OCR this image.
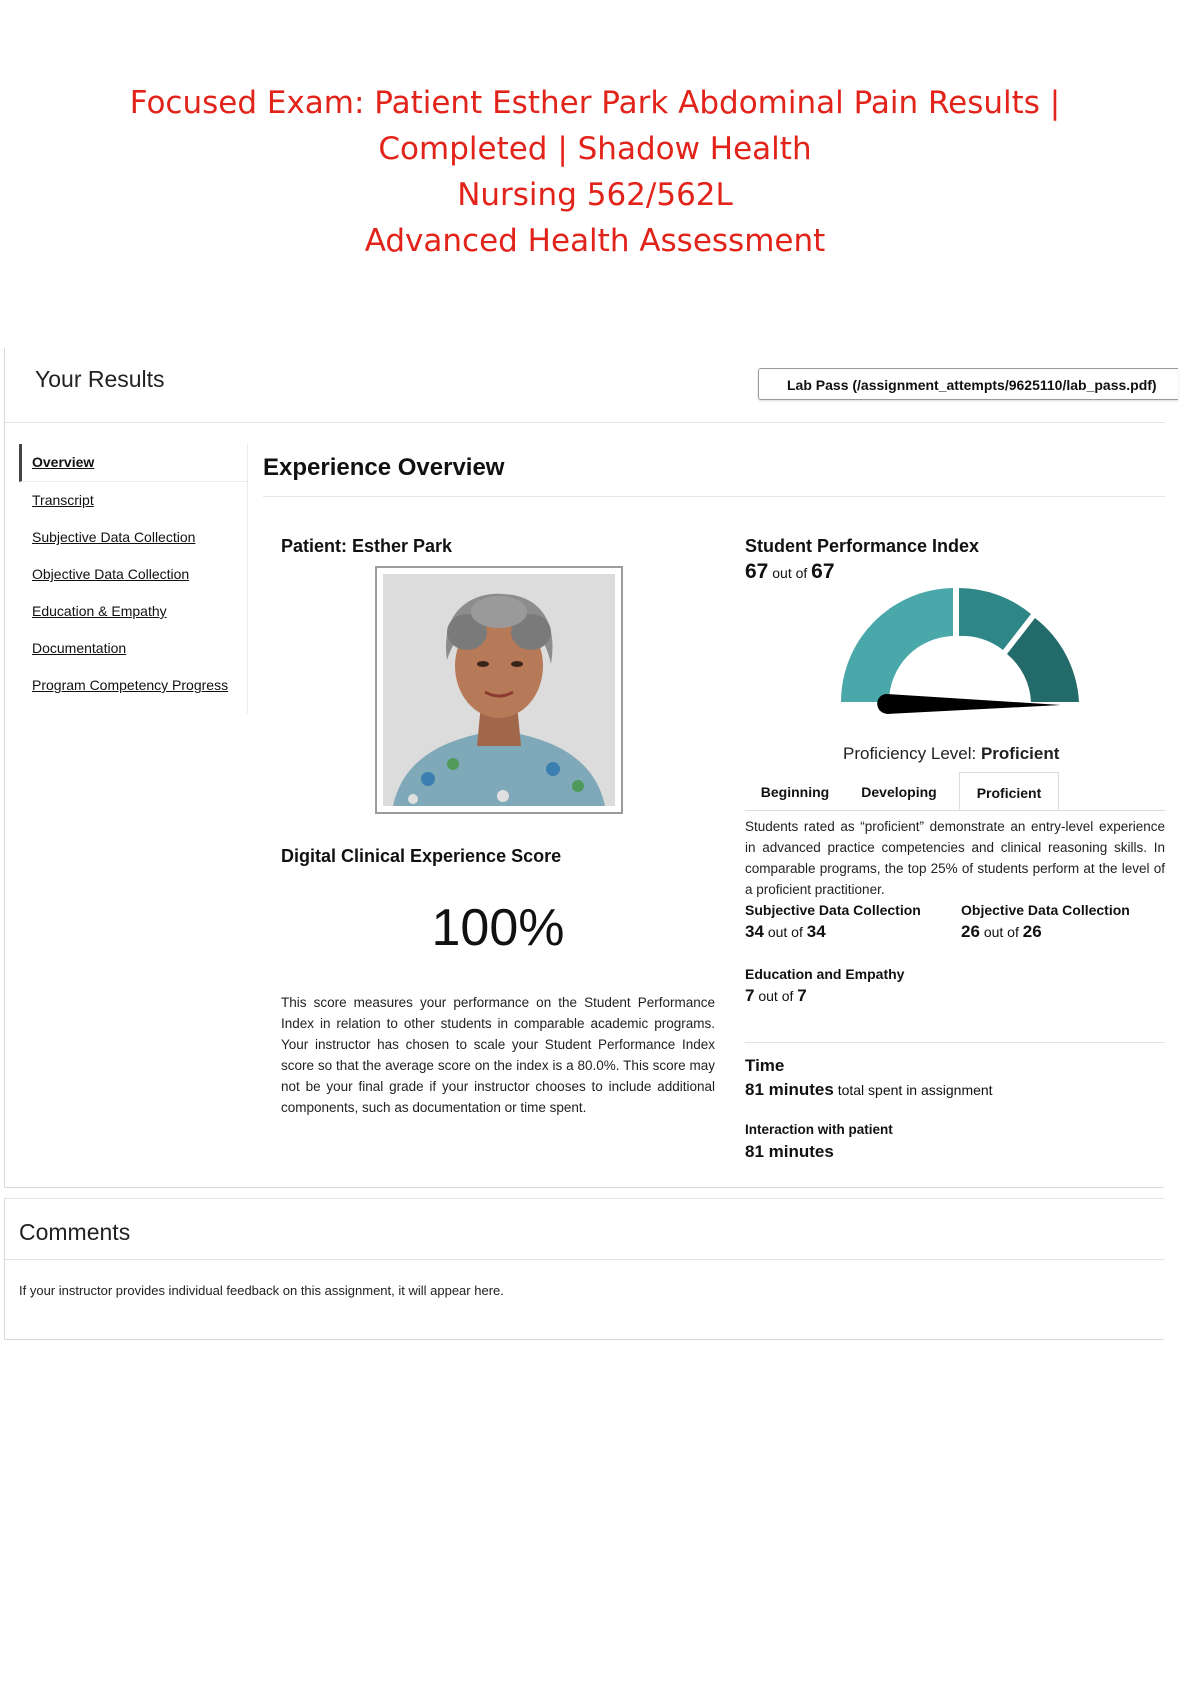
Focused Exam: Patient Esther Park Abdominal Pain Results |
Completed | Shadow Health
Nursing 562/562L
Advanced Health Assessment
Your Results	Lab Pass (/assignment_attempts/9625110/lab_pass.pdf)
Overview
Transcript
Subjective Data Collection
Objective Data Collection
Education & Empathy
Documentation
Program Competency Progress
Experience Overview
Patient: Esther Park
Digital Clinical Experience Score
100%
This score measures your performance on the Student Performance Index in relation to other students in comparable academic programs. Your instructor has chosen to scale your Student Performance Index score so that the average score on the index is a 80.0%. This score may not be your final grade if your instructor chooses to include additional components, such as documentation or time spent.
Student Performance Index
67 out of 67
Proficiency Level: Proficient
Beginning	Developing	Proficient
Students rated as “proficient” demonstrate an entry-level experience in advanced practice competencies and clinical reasoning skills. In comparable programs, the top 25% of students perform at the level of a proficient practitioner.
Subjective Data Collection
34 out of 34
Objective Data Collection
26 out of 26
Education and Empathy
7 out of 7
Time
81 minutes total spent in assignment
Interaction with patient
81 minutes
Comments
If your instructor provides individual feedback on this assignment, it will appear here.
